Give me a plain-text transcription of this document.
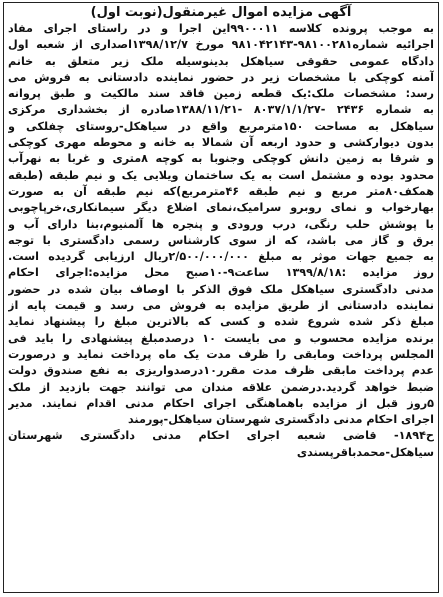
آگهی مزایده اموال غیرمنقول(نوبت اول)
به موجب پرونده کلاسه ۹۹۰۰۰۱۱این اجرا و در راستای اجرای مفاد
اجرائیه شماره۹۸۱۰۰۲۸۱-۹۸۱۰۴۲۱۴۳ مورخ ۱۳۹۸/۱۲/۷اصداری از شعبه اول
دادگاه عمومی حقوقی سیاهکل بدینوسیله ملک زیر متعلق به خانم
آمنه کوچکی با مشخصات زیر در حضور نماینده دادستانی به فروش می
رسد: مشخصات ملک:یک قطعه زمین فاقد سند مالکیت و طبق پروانه
به شماره ۲۴۳۶ -۸۰۳۷/۱/۱/۲۷ -۱۳۸۸/۱۱/۲۱صادره از بخشداری مرکزی
سیاهکل به مساحت ۱۵۰مترمربع واقع در سیاهکل-روستای چفلکی و
بدون دیوارکشی و حدود اربعه آن شمالا به خانه و محوطه مهری کوچکی
و شرقا به زمین دانش کوچکی وجنوبا به کوچه ۸متری و غربا به نهرآب
محدود بوده و مشتمل است به یک ساختمان ویلایی یک و نیم طبقه (طبقه
همکف۸۰متر مربع و نیم طبقه ۴۶مترمربع)که نیم طبقه آن به صورت
بهارخواب و نمای روبرو سرامیک،نمای اضلاع دیگر سیمانکاری،خرپاچوبی
با پوشش حلب رنگی، درب ورودی و پنجره ها آلمنیوم،بنا دارای آب و
برق و گاز می باشد، که از سوی کارشناس رسمی دادگستری با توجه
به جمیع جهات موثر به مبلغ ۲/۵۰۰/۰۰۰/۰۰۰ریال ارزیابی گردیده است.
روز مزایده :۱۳۹۹/۸/۱۸ ساعت۹-۱۰صبح محل مزایده:اجرای احکام
مدنی دادگستری سیاهکل ملک فوق الذکر با اوصاف بیان شده در حضور
نماینده دادستانی از طریق مزایده به فروش می رسد و قیمت پایه از
مبلغ ذکر شده شروع شده و کسی که بالاترین مبلغ را پیشنهاد نماید
برنده مزایده محسوب و می بایست ۱۰ درصدمبلغ پیشنهادی را باید فی
المجلس پرداخت ومابقی را ظرف مدت یک ماه پرداخت نماید و درصورت
عدم پرداخت مابقی ظرف مدت مقرر۱۰درصدواریزی به نفع صندوق دولت
ضبط خواهد گردید.درضمن علاقه مندان می توانند جهت بازدید از ملک
۵روز قبل از مزایده باهماهنگی اجرای احکام مدنی اقدام نمایند. مدیر
اجرای احکام مدنی دادگستری شهرستان سیاهکل-پورمند
ح۱۸۹۴- قاضی شعبه اجرای احکام مدنی دادگستری شهرستان
سیاهکل-محمدباقرپسندی
